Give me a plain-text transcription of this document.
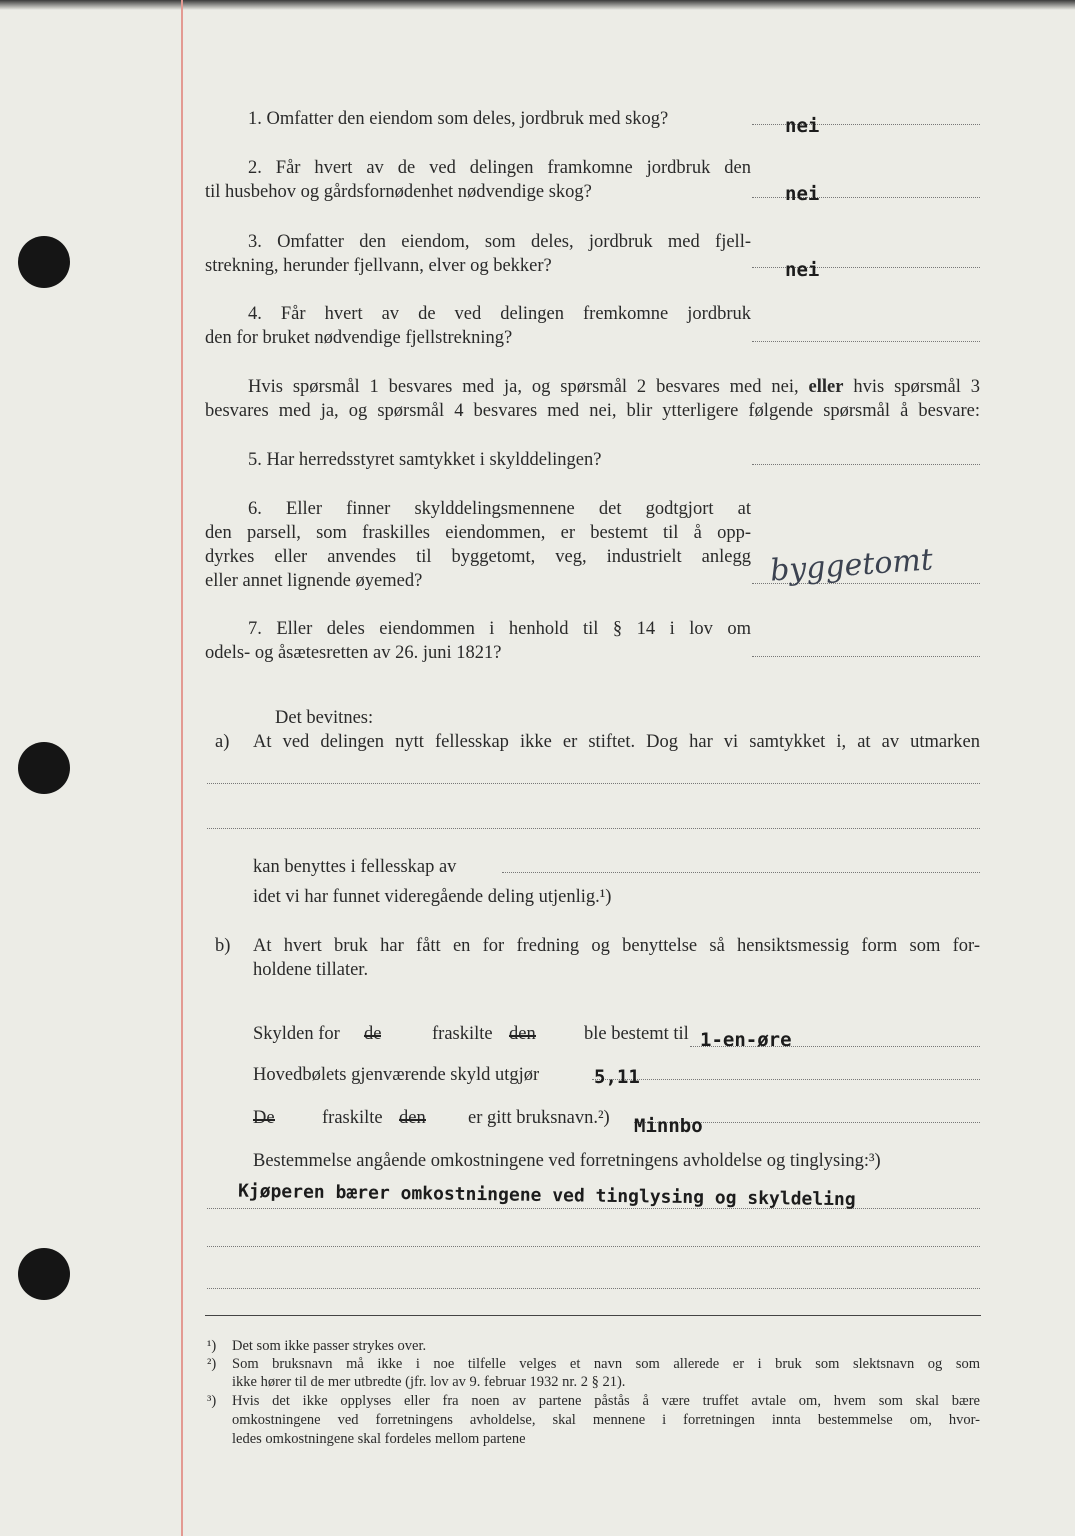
1. Omfatter den eiendom som deles, jordbruk med skog?	nei
2. Får hvert av de ved delingen framkomne jordbruk den
til husbehov og gårdsfornødenhet nødvendige skog?	nei
3. Omfatter den eiendom, som deles, jordbruk med fjell-
strekning, herunder fjellvann, elver og bekker?	nei
4. Får hvert av de ved delingen fremkomne jordbruk
den for bruket nødvendige fjellstrekning?
Hvis spørsmål 1 besvares med ja, og spørsmål 2 besvares med nei, eller hvis spørsmål 3
besvares med ja, og spørsmål 4 besvares med nei, blir ytterligere følgende spørsmål å besvare:
5. Har herredsstyret samtykket i skylddelingen?
6. Eller finner skylddelingsmennene det godtgjort at
den parsell, som fraskilles eiendommen, er bestemt til å opp-
dyrkes eller anvendes til byggetomt, veg, industrielt anlegg
eller annet lignende øyemed?	byggetomt
7. Eller deles eiendommen i henhold til § 14 i lov om
odels- og åsætesretten av 26. juni 1821?
Det bevitnes:
a) At ved delingen nytt fellesskap ikke er stiftet. Dog har vi samtykket i, at av utmarken
kan benyttes i fellesskap av
idet vi har funnet videregående deling utjenlig.¹)
b) At hvert bruk har fått en for fredning og benyttelse så hensiktsmessig form som for-
holdene tillater.
Skylden for de	fraskilte den	ble bestemt til 1-en-øre
Hovedbølets gjenværende skyld utgjør	5,11
De	fraskilte den er gitt bruksnavn.²) Minnbo
Bestemmelse angående omkostningene ved forretningens avholdelse og tinglysing:³)
Kjøperen bærer omkostningene ved tinglysing og skyldeling
¹) Det som ikke passer strykes over.
²) Som bruksnavn må ikke i noe tilfelle velges et navn som allerede er i bruk som slektsnavn og som
ikke hører til de mer utbredte (jfr. lov av 9. februar 1932 nr. 2 § 21).
³) Hvis det ikke opplyses eller fra noen av partene påstås å være truffet avtale om, hvem som skal bære
omkostningene ved forretningens avholdelse, skal mennene i forretningen inntа bestemmelse om, hvor-
ledes omkostningene skal fordeles mellom partene
